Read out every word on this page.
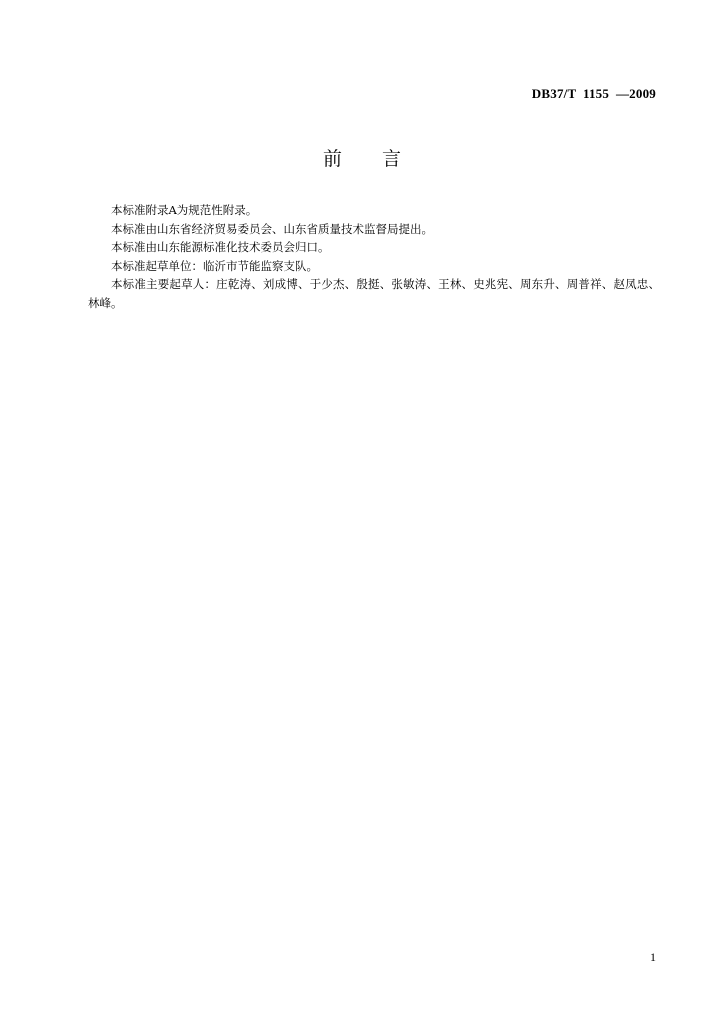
DB37/T  1155  —2009
前 言

本标准附录A为规范性附录。

本标准由山东省经济贸易委员会、山东省质量技术监督局提出。

本标准由山东能源标准化技术委员会归口。

本标准起草单位：临沂市节能监察支队。

本标准主要起草人：庄乾涛、刘成博、于少杰、殷挺、张敏涛、王林、史兆宪、周东升、周普祥、赵凤忠、林峰。

1
